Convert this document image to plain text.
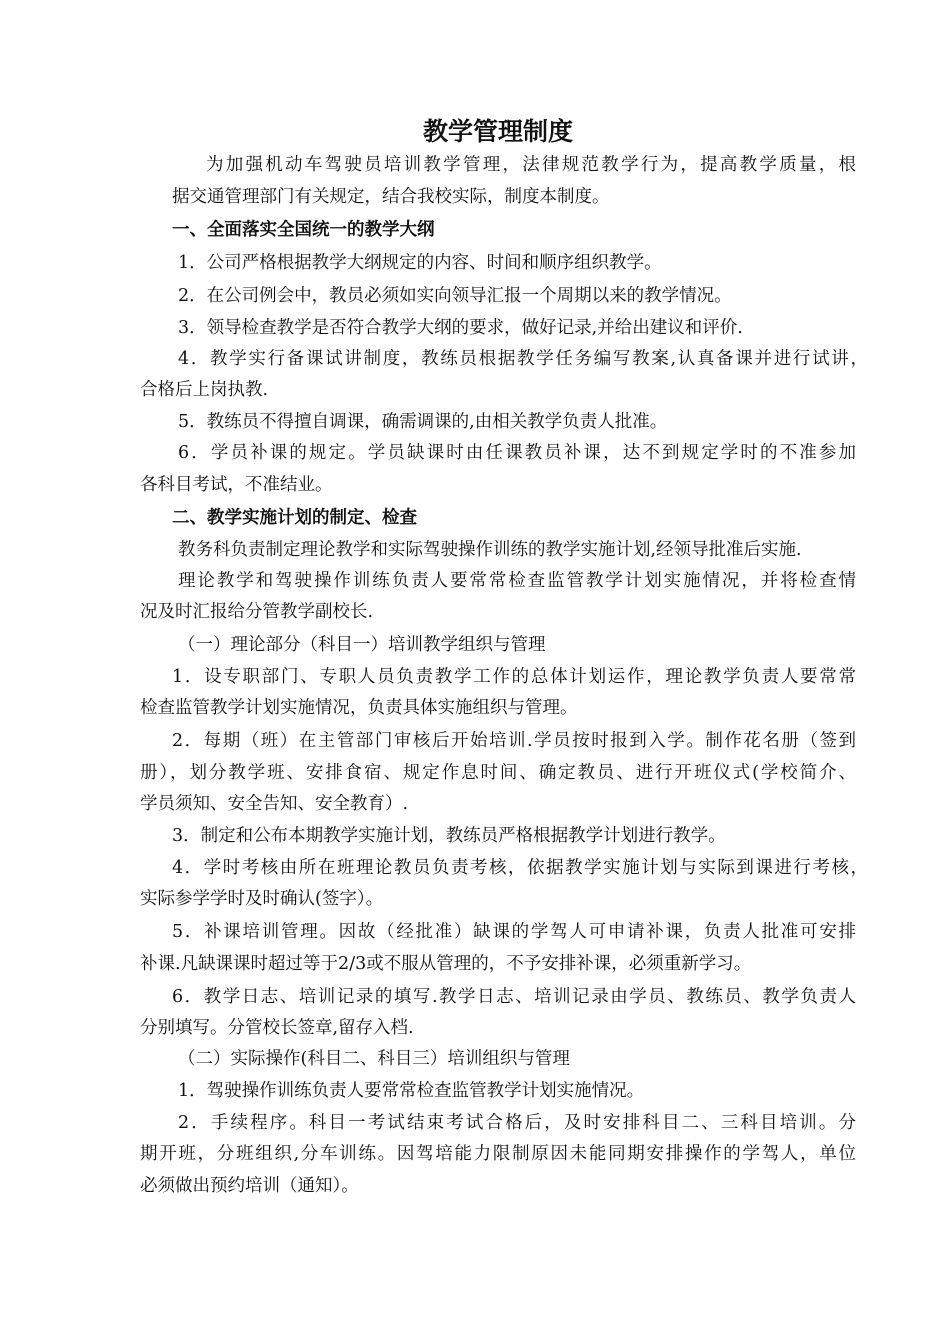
教学管理制度

为加强机动车驾驶员培训教学管理，法律规范教学行为，提高教学质量，根

据交通管理部门有关规定，结合我校实际，制度本制度。

一、全面落实全国统一的教学大纲

1．公司严格根据教学大纲规定的内容、时间和顺序组织教学。

2．在公司例会中，教员必须如实向领导汇报一个周期以来的教学情况。

3．领导检查教学是否符合教学大纲的要求，做好记录,并给出建议和评价.

4．教学实行备课试讲制度，教练员根据教学任务编写教案,认真备课并进行试讲，

合格后上岗执教.

5．教练员不得擅自调课，确需调课的,由相关教学负责人批准。

6．学员补课的规定。学员缺课时由任课教员补课，达不到规定学时的不准参加

各科目考试，不准结业。

二、教学实施计划的制定、检查

教务科负责制定理论教学和实际驾驶操作训练的教学实施计划,经领导批准后实施.

理论教学和驾驶操作训练负责人要常常检查监管教学计划实施情况，并将检查情

况及时汇报给分管教学副校长.

（一）理论部分（科目一）培训教学组织与管理

1．设专职部门、专职人员负责教学工作的总体计划运作，理论教学负责人要常常

检查监管教学计划实施情况，负责具体实施组织与管理。

2．每期（班）在主管部门审核后开始培训.学员按时报到入学。制作花名册（签到

册），划分教学班、安排食宿、规定作息时间、确定教员、进行开班仪式(学校简介、

学员须知、安全告知、安全教育）.

3．制定和公布本期教学实施计划，教练员严格根据教学计划进行教学。

4．学时考核由所在班理论教员负责考核，依据教学实施计划与实际到课进行考核，

实际参学学时及时确认(签字）。

5．补课培训管理。因故（经批准）缺课的学驾人可申请补课，负责人批准可安排

补课.凡缺课课时超过等于2/3或不服从管理的，不予安排补课，必须重新学习。

6．教学日志、培训记录的填写.教学日志、培训记录由学员、教练员、教学负责人

分别填写。分管校长签章,留存入档.

（二）实际操作(科目二、科目三）培训组织与管理

1．驾驶操作训练负责人要常常检查监管教学计划实施情况。

2．手续程序。科目一考试结束考试合格后，及时安排科目二、三科目培训。分

期开班，分班组织,分车训练。因驾培能力限制原因未能同期安排操作的学驾人，单位

必须做出预约培训（通知）。
